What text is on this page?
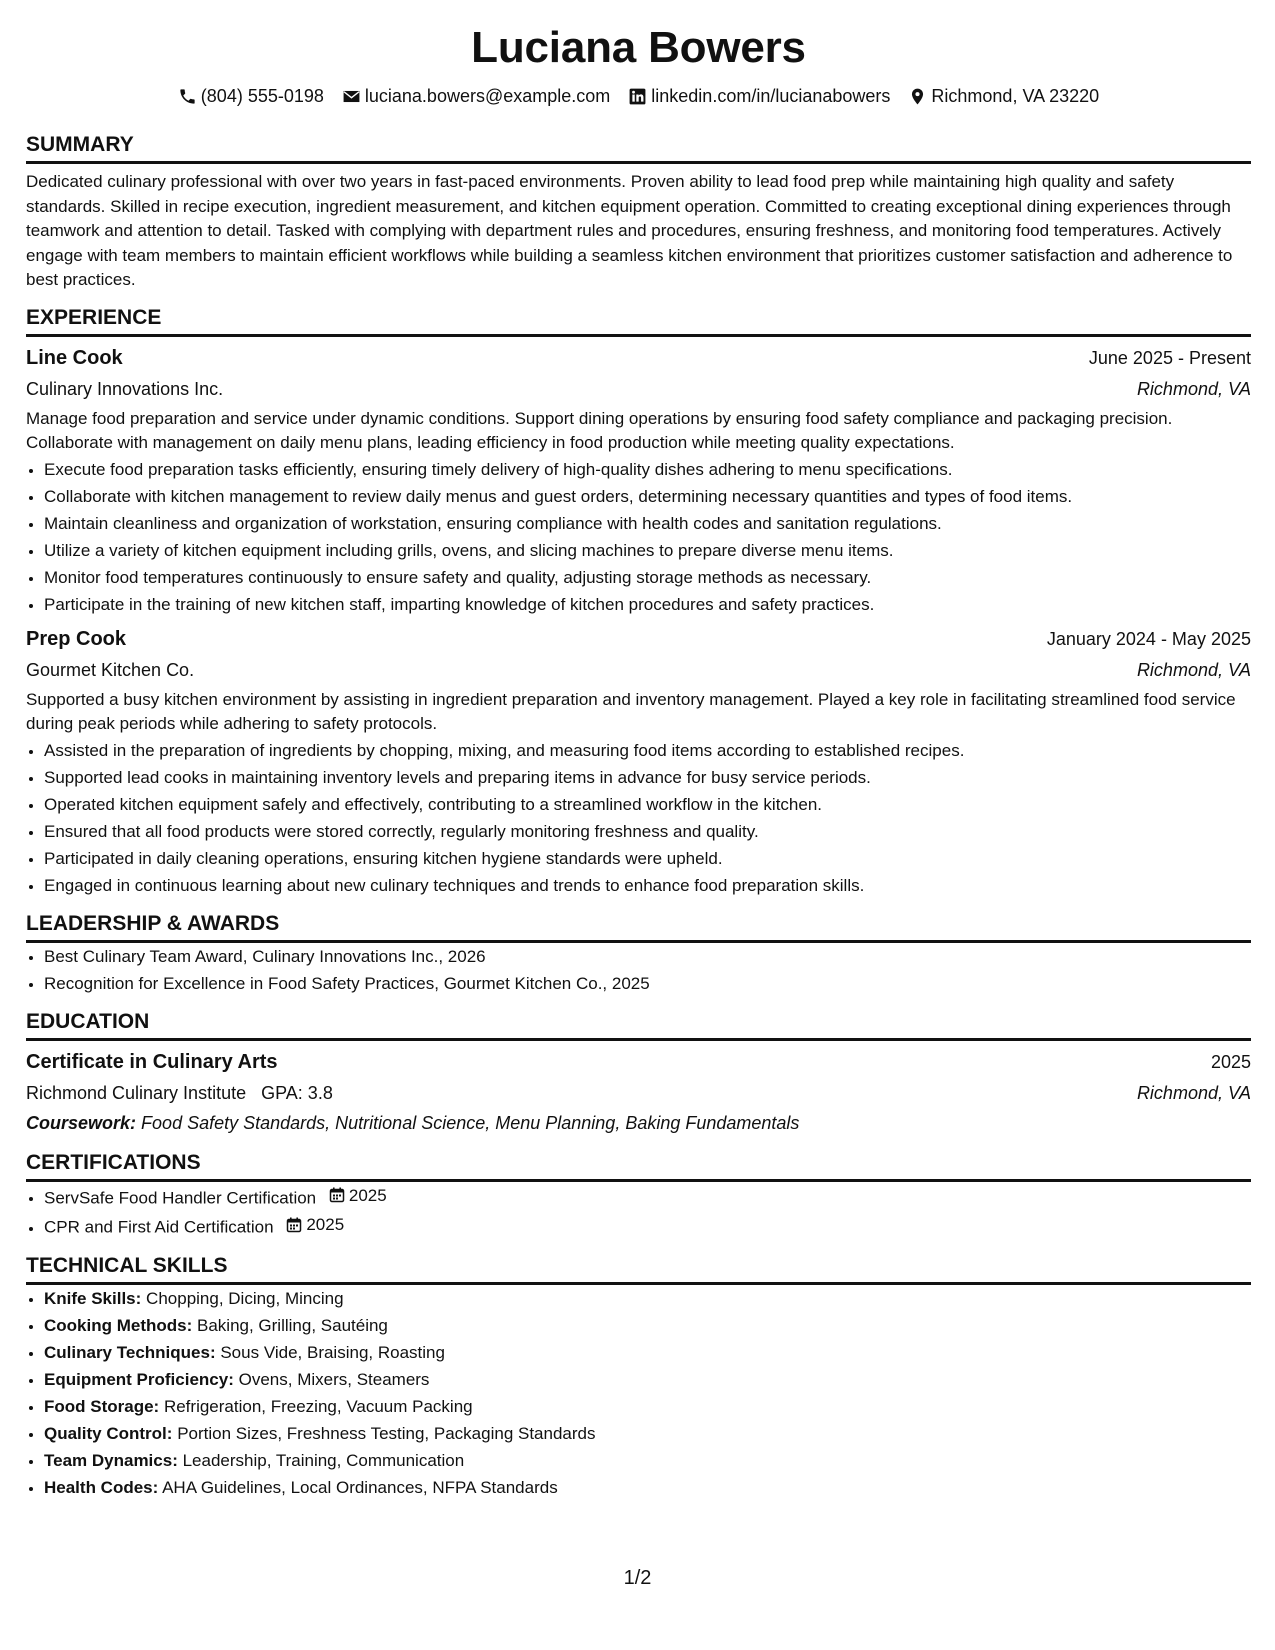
Luciana Bowers
(804) 555-0198 luciana.bowers@example.com linkedin.com/in/lucianabowers Richmond, VA 23220
SUMMARY

Dedicated culinary professional with over two years in fast-paced environments. Proven ability to lead food prep while maintaining high quality and safety standards. Skilled in recipe execution, ingredient measurement, and kitchen equipment operation. Committed to creating exceptional dining experiences through teamwork and attention to detail. Tasked with complying with department rules and procedures, ensuring freshness, and monitoring food temperatures. Actively engage with team members to maintain efficient workflows while building a seamless kitchen environment that prioritizes customer satisfaction and adherence to best practices.

EXPERIENCE
Line Cook	June 2025 - Present
Culinary Innovations Inc.	Richmond, VA

Manage food preparation and service under dynamic conditions. Support dining operations by ensuring food safety compliance and packaging precision. Collaborate with management on daily menu plans, leading efficiency in food production while meeting quality expectations.

• Execute food preparation tasks efficiently, ensuring timely delivery of high-quality dishes adhering to menu specifications.
• Collaborate with kitchen management to review daily menus and guest orders, determining necessary quantities and types of food items.
• Maintain cleanliness and organization of workstation, ensuring compliance with health codes and sanitation regulations.
• Utilize a variety of kitchen equipment including grills, ovens, and slicing machines to prepare diverse menu items.
• Monitor food temperatures continuously to ensure safety and quality, adjusting storage methods as necessary.
• Participate in the training of new kitchen staff, imparting knowledge of kitchen procedures and safety practices.
Prep Cook	January 2024 - May 2025
Gourmet Kitchen Co.	Richmond, VA

Supported a busy kitchen environment by assisting in ingredient preparation and inventory management. Played a key role in facilitating streamlined food service during peak periods while adhering to safety protocols.

• Assisted in the preparation of ingredients by chopping, mixing, and measuring food items according to established recipes.
• Supported lead cooks in maintaining inventory levels and preparing items in advance for busy service periods.
• Operated kitchen equipment safely and effectively, contributing to a streamlined workflow in the kitchen.
• Ensured that all food products were stored correctly, regularly monitoring freshness and quality.
• Participated in daily cleaning operations, ensuring kitchen hygiene standards were upheld.
• Engaged in continuous learning about new culinary techniques and trends to enhance food preparation skills.
LEADERSHIP & AWARDS
• Best Culinary Team Award, Culinary Innovations Inc., 2026
• Recognition for Excellence in Food Safety Practices, Gourmet Kitchen Co., 2025
EDUCATION
Certificate in Culinary Arts	2025
Richmond Culinary Institute GPA: 3.8	Richmond, VA
Coursework: Food Safety Standards, Nutritional Science, Menu Planning, Baking Fundamentals
CERTIFICATIONS
• ServSafe Food Handler Certification 2025
• CPR and First Aid Certification 2025
TECHNICAL SKILLS
• Knife Skills: Chopping, Dicing, Mincing
• Cooking Methods: Baking, Grilling, Sautéing
• Culinary Techniques: Sous Vide, Braising, Roasting
• Equipment Proficiency: Ovens, Mixers, Steamers
• Food Storage: Refrigeration, Freezing, Vacuum Packing
• Quality Control: Portion Sizes, Freshness Testing, Packaging Standards
• Team Dynamics: Leadership, Training, Communication
• Health Codes: AHA Guidelines, Local Ordinances, NFPA Standards
1/2
